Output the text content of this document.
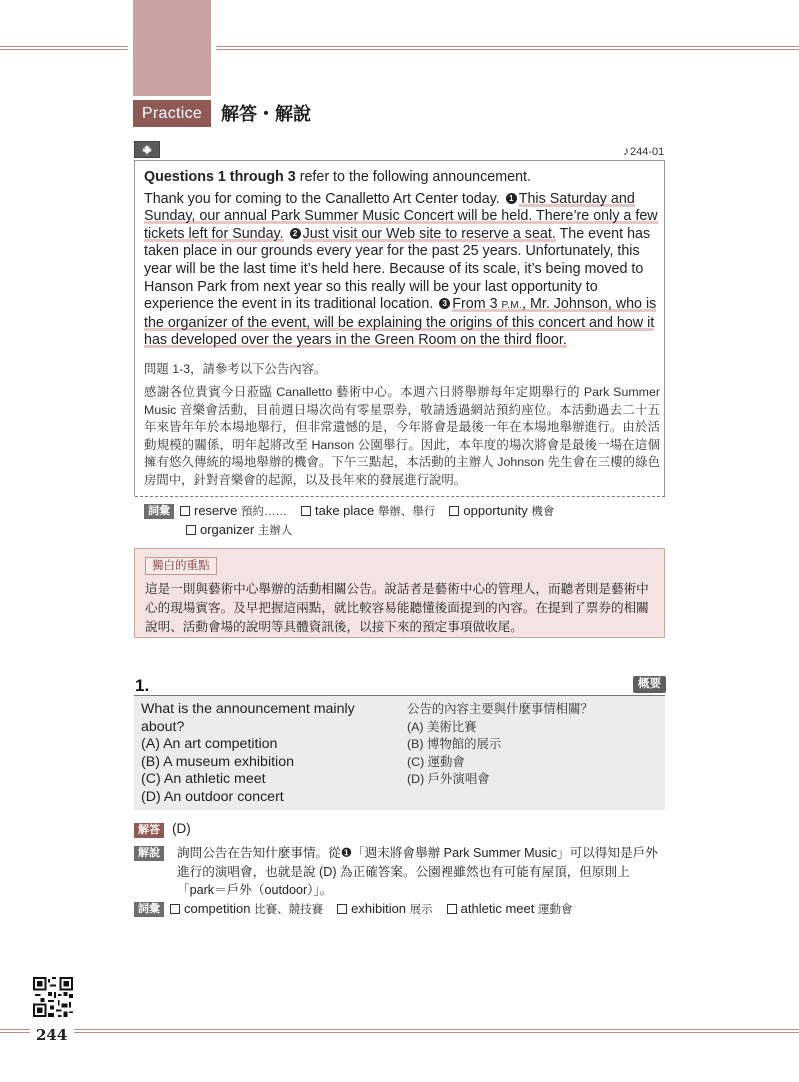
Practice	解答・解說
♪244-01
Questions 1 through 3 refer to the following announcement.
Thank you for coming to the Canalletto Art Center today. 1 This Saturday and Sunday, our annual Park Summer Music Concert will be held. There’re only a few tickets left for Sunday. 2 Just visit our Web site to reserve a seat. The event has taken place in our grounds every year for the past 25 years. Unfortunately, this year will be the last time it’s held here. Because of its scale, it’s being moved to Hanson Park from next year so this really will be your last opportunity to experience the event in its traditional location. 3 From 3 P.M., Mr. Johnson, who is the organizer of the event, will be explaining the origins of this concert and how it has developed over the years in the Green Room on the third floor.
問題 1-3，請參考以下公告內容。
感謝各位貴賓今日蒞臨 Canalletto 藝術中心。本週六日將舉辦每年定期舉行的 Park Summer Music 音樂會活動，目前週日場次尚有零星票券，敬請透過網站預約座位。本活動過去二十五年來皆年年於本場地舉行，但非常遺憾的是，今年將會是最後一年在本場地舉辦進行。由於活動規模的關係，明年起將改至 Hanson 公園舉行。因此，本年度的場次將會是最後一場在這個擁有悠久傳統的場地舉辦的機會。下午三點起，本活動的主辦人 Johnson 先生會在三樓的綠色房間中，針對音樂會的起源，以及長年來的發展進行說明。
詞彙 reserve 預約…… take place 舉辦、舉行 opportunity 機會
organizer 主辦人
獨白的重點
這是一則與藝術中心舉辦的活動相關公告。說話者是藝術中心的管理人，而聽者則是藝術中心的現場賓客。及早把握這兩點，就比較容易能聽懂後面提到的內容。在提到了票券的相關說明、活動會場的說明等具體資訊後，以接下來的預定事項做收尾。
1.	概要
What is the announcement mainly about?
(A) An art competition
(B) A museum exhibition
(C) An athletic meet
(D) An outdoor concert
公告的內容主要與什麼事情相關？
(A) 美術比賽
(B) 博物館的展示
(C) 運動會
(D) 戶外演唱會
解答 (D)
解說	詢問公告在告知什麼事情。從❶「週末將會舉辦 Park Summer Music」可以得知是戶外進行的演唱會，也就是說 (D) 為正確答案。公園裡雖然也有可能有屋頂，但原則上「park＝戶外（outdoor）」。
詞彙 competition 比賽、競技賽 exhibition 展示 athletic meet 運動會
244
